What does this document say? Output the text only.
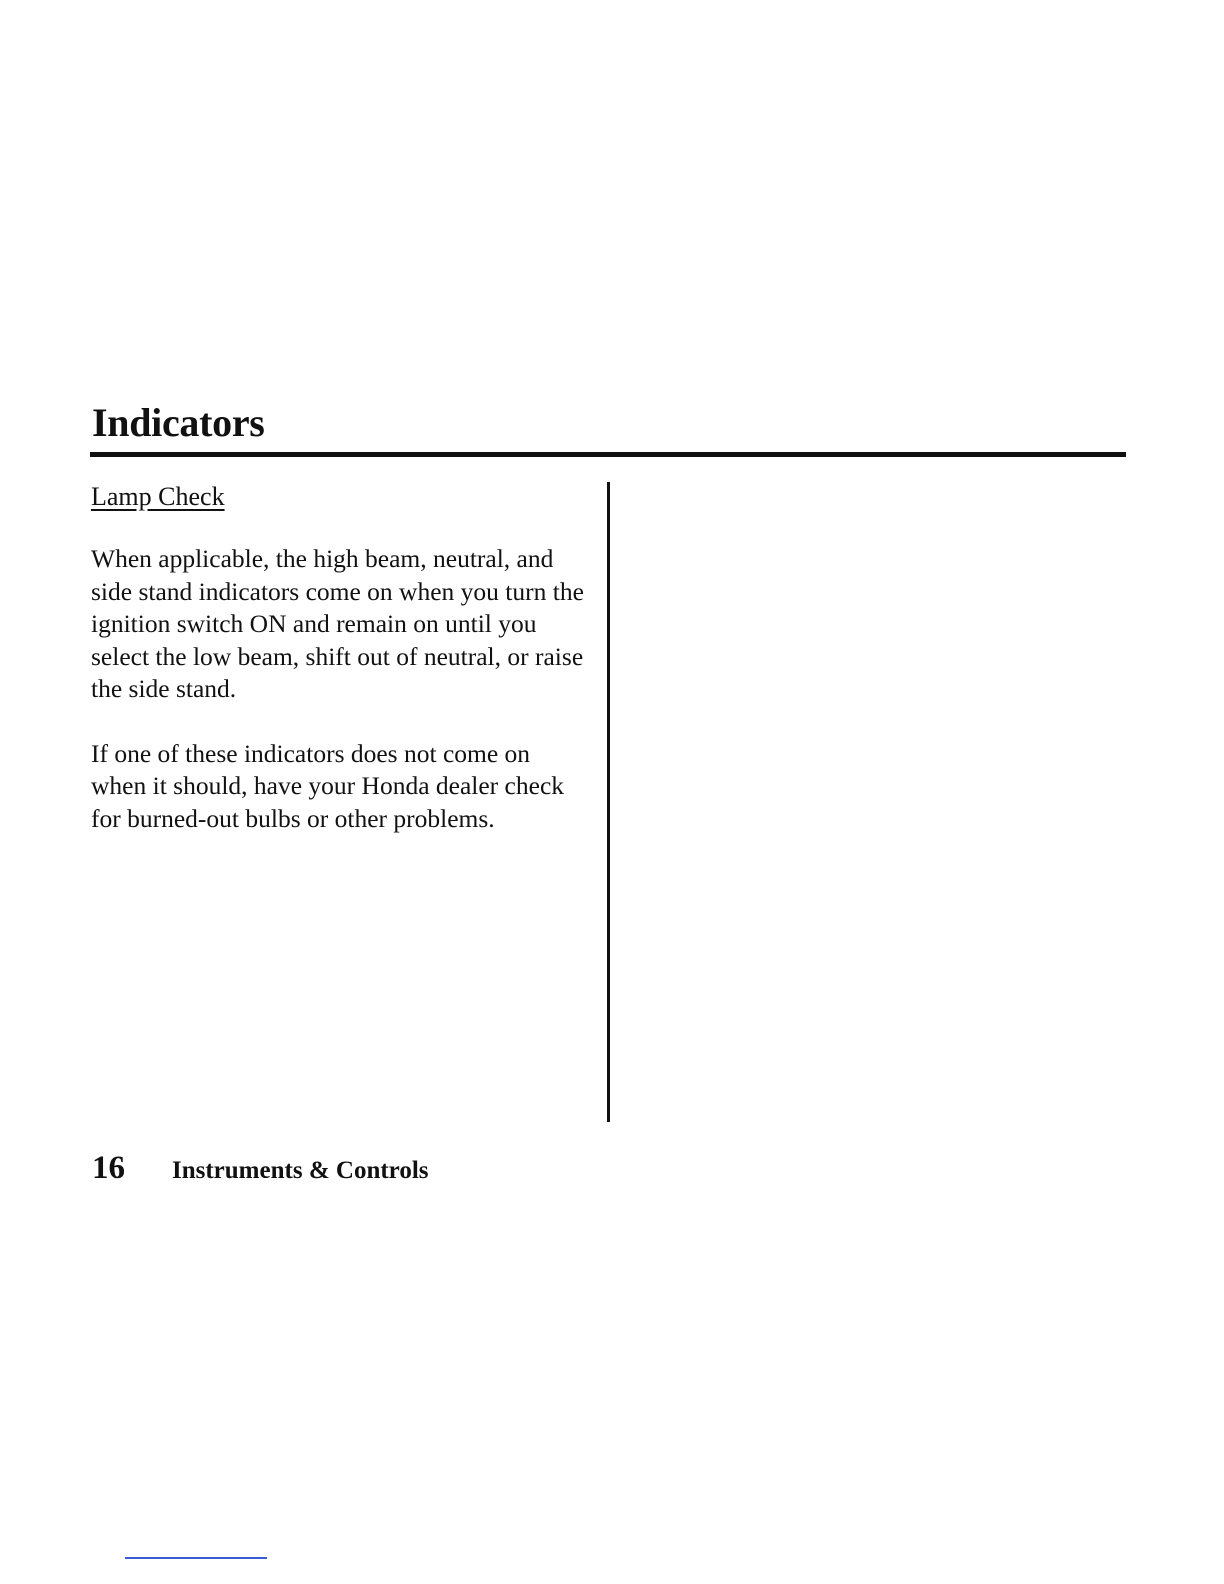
Indicators
Lamp Check

When applicable, the high beam, neutral, and side stand indicators come on when you turn the ignition switch ON and remain on until you select the low beam, shift out of neutral, or raise the side stand.

If one of these indicators does not come on when it should, have your Honda dealer check for burned-out bulbs or other problems.

16	Instruments & Controls
